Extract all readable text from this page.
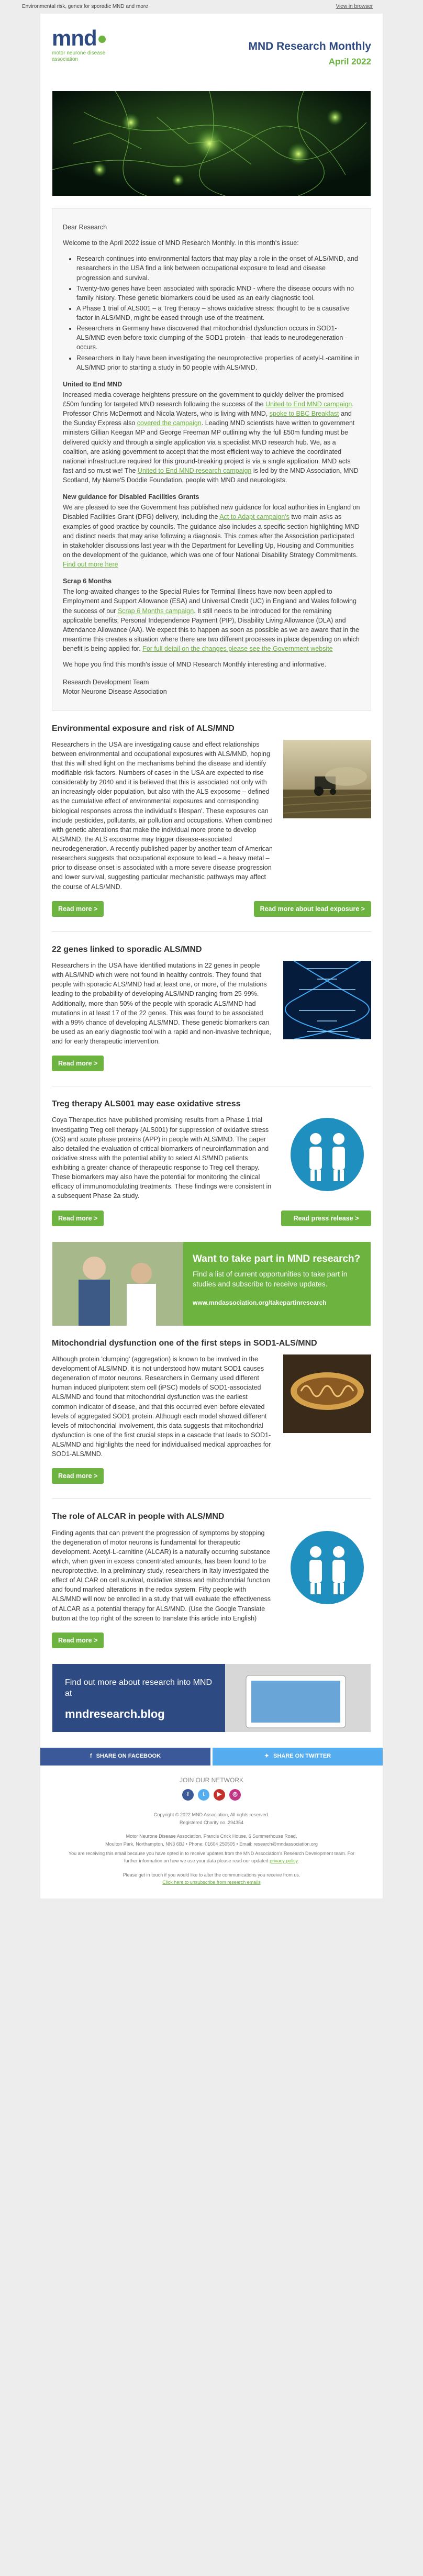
Environmental risk, genes for sporadic MND and more	View in browser
mnd
motor neurone disease
association
MND Research Monthly
April 2022

Dear Research

Welcome to the April 2022 issue of MND Research Monthly. In this month's issue:

• Research continues into environmental factors that may play a role in the onset of ALS/MND, and researchers in the USA find a link between occupational exposure to lead and disease progression and survival.
• Twenty-two genes have been associated with sporadic MND - where the disease occurs with no family history. These genetic biomarkers could be used as an early diagnostic tool.
• A Phase 1 trial of ALS001 – a Treg therapy – shows oxidative stress: thought to be a causative factor in ALS/MND, might be eased through use of the treatment.
• Researchers in Germany have discovered that mitochondrial dysfunction occurs in SOD1-ALS/MND even before toxic clumping of the SOD1 protein - that leads to neurodegeneration - occurs.
• Researchers in Italy have been investigating the neuroprotective properties of acetyl-L-carnitine in ALS/MND prior to starting a study in 50 people with ALS/MND.
United to End MND

Increased media coverage heightens pressure on the government to quickly deliver the promised £50m funding for targeted MND research following the success of the United to End MND campaign. Professor Chris McDermott and Nicola Waters, who is living with MND, spoke to BBC Breakfast and the Sunday Express also covered the campaign. Leading MND scientists have written to government ministers Gillian Keegan MP and George Freeman MP outlining why the full £50m funding must be delivered quickly and through a single application via a specialist MND research hub. We, as a coalition, are asking government to accept that the most efficient way to achieve the coordinated national infrastructure required for this ground-breaking project is via a single application. MND acts fast and so must we! The United to End MND research campaign is led by the MND Association, MND Scotland, My Name'5 Doddie Foundation, people with MND and neurologists.

New guidance for Disabled Facilities Grants

We are pleased to see the Government has published new guidance for local authorities in England on Disabled Facilities Grant (DFG) delivery, including the Act to Adapt campaign's two main asks as examples of good practice by councils. The guidance also includes a specific section highlighting MND and distinct needs that may arise following a diagnosis. This comes after the Association participated in stakeholder discussions last year with the Department for Levelling Up, Housing and Communities on the development of the guidance, which was one of four National Disability Strategy Commitments. Find out more here

Scrap 6 Months

The long-awaited changes to the Special Rules for Terminal Illness have now been applied to Employment and Support Allowance (ESA) and Universal Credit (UC) in England and Wales following the success of our Scrap 6 Months campaign. It still needs to be introduced for the remaining applicable benefits; Personal Independence Payment (PIP), Disability Living Allowance (DLA) and Attendance Allowance (AA). We expect this to happen as soon as possible as we are aware that in the meantime this creates a situation where there are two different processes in place depending on which benefit is being applied for. For full detail on the changes please see the Government website

We hope you find this month's issue of MND Research Monthly interesting and informative.

Research Development Team
Motor Neurone Disease Association
Environmental exposure and risk of ALS/MND
Researchers in the USA are investigating cause and effect relationships between environmental and occupational exposures with ALS/MND, hoping that this will shed light on the mechanisms behind the disease and identify modifiable risk factors. Numbers of cases in the USA are expected to rise considerably by 2040 and it is believed that this is associated not only with an increasingly older population, but also with the ALS exposome – defined as the cumulative effect of environmental exposures and corresponding biological responses across the individual's lifespan'. These exposures can include pesticides, pollutants, air pollution and occupations. When combined with genetic alterations that make the individual more prone to develop ALS/MND, the ALS exposome may trigger disease-associated neurodegeneration. A recently published paper by another team of American researchers suggests that occupational exposure to lead – a heavy metal – prior to disease onset is associated with a more severe disease progression and lower survival, suggesting particular mechanistic pathways may affect the course of ALS/MND.
Read more >	Read more about lead exposure >
22 genes linked to sporadic ALS/MND
Researchers in the USA have identified mutations in 22 genes in people with ALS/MND which were not found in healthy controls. They found that people with sporadic ALS/MND had at least one, or more, of the mutations leading to the probability of developing ALS/MND ranging from 25-99%. Additionally, more than 50% of the people with sporadic ALS/MND had mutations in at least 17 of the 22 genes. This was found to be associated with a 99% chance of developing ALS/MND. These genetic biomarkers can be used as an early diagnostic tool with a rapid and non-invasive technique, and for early therapeutic intervention.
Read more >
Treg therapy ALS001 may ease oxidative stress
Coya Therapeutics have published promising results from a Phase 1 trial investigating Treg cell therapy (ALS001) for suppression of oxidative stress (OS) and acute phase proteins (APP) in people with ALS/MND. The paper also detailed the evaluation of critical biomarkers of neuroinflammation and oxidative stress with the potential ability to select ALS/MND patients exhibiting a greater chance of therapeutic response to Treg cell therapy. These biomarkers may also have the potential for monitoring the clinical efficacy of immunomodulating treatments. These findings were consistent in a subsequent Phase 2a study.
Read more >	Read press release >
Want to take part in MND research?
Find a list of current opportunities to take part in studies and subscribe to receive updates.
www.mndassociation.org/takepartinresearch
Mitochondrial dysfunction one of the first steps in SOD1-ALS/MND
Although protein 'clumping' (aggregation) is known to be involved in the development of ALS/MND, it is not understood how mutant SOD1 causes degeneration of motor neurons. Researchers in Germany used different human induced pluripotent stem cell (iPSC) models of SOD1-associated ALS/MND and found that mitochondrial dysfunction was the earliest common indicator of disease, and that this occurred even before elevated levels of aggregated SOD1 protein. Although each model showed different levels of mitochondrial involvement, this data suggests that mitochondrial dysfunction is one of the first crucial steps in a cascade that leads to SOD1-ALS/MND and highlights the need for individualised medical approaches for SOD1-ALS/MND.
Read more >
The role of ALCAR in people with ALS/MND
Finding agents that can prevent the progression of symptoms by stopping the degeneration of motor neurons is fundamental for therapeutic development. Acetyl-L-carnitine (ALCAR) is a naturally occurring substance which, when given in excess concentrated amounts, has been found to be neuroprotective. In a preliminary study, researchers in Italy investigated the effect of ALCAR on cell survival, oxidative stress and mitochondrial function and found marked alterations in the redox system. Fifty people with ALS/MND will now be enrolled in a study that will evaluate the effectiveness of ALCAR as a potential therapy for ALS/MND. (Use the Google Translate button at the top right of the screen to translate this article into English)
Read more >
Find out more about research into MND at
mndresearch.blog
f SHARE ON FACEBOOK	✦ SHARE ON TWITTER
JOIN OUR NETWORK
f	t	▶	◎
Copyright © 2022 MND Association, All rights reserved.
Registered Charity no. 294354
Motor Neurone Disease Association, Francis Crick House, 6 Summerhouse Road,
Moulton Park, Northampton, NN3 6BJ • Phone: 01604 250505 • Email: research@mndassociation.org
You are receiving this email because you have opted in to receive updates from the MND Association's Research Development team. For further information on how we use your data please read our updated privacy policy.
Please get in touch if you would like to alter the communications you receive from us.
Click here to unsubscribe from research emails
